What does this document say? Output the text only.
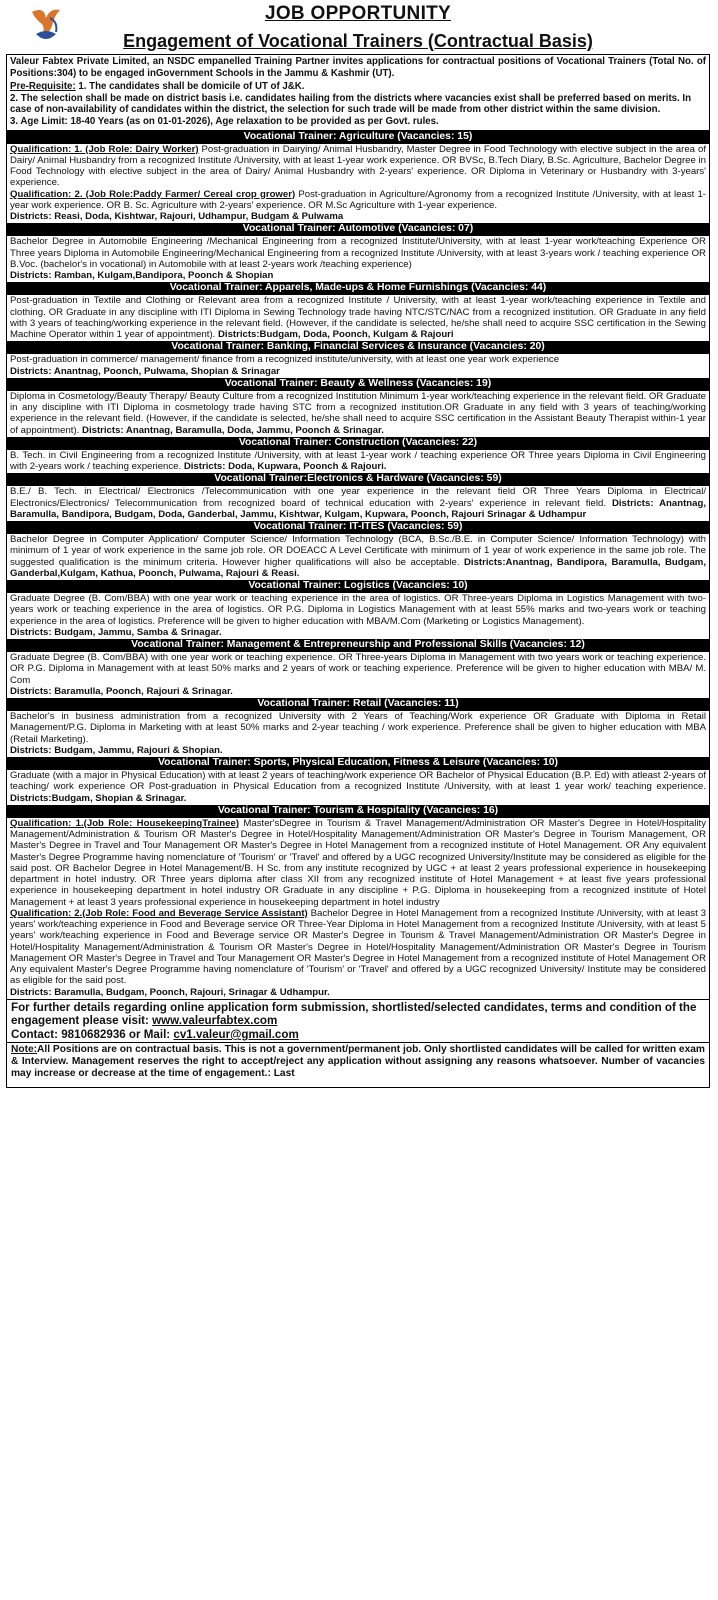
JOB OPPORTUNITY
Engagement of Vocational Trainers (Contractual Basis)
Valeur Fabtex Private Limited, an NSDC empanelled Training Partner invites applications for contractual positions of Vocational Trainers (Total No. of Positions:304) to be engaged inGovernment Schools in the Jammu & Kashmir (UT).
Pre-Requisite: 1. The candidates shall be domicile of UT of J&K.
2. The selection shall be made on district basis i.e. candidates hailing from the districts where vacancies exist shall be preferred based on merits. In case of non-availability of candidates within the district, the selection for such trade will be made from other district within the same division.
3. Age Limit: 18-40 Years (as on 01-01-2026), Age relaxation to be provided as per Govt. rules.
Vocational Trainer: Agriculture (Vacancies: 15)
Qualification: 1. (Job Role: Dairy Worker) Post-graduation in Dairying/ Animal Husbandry, Master Degree in Food Technology with elective subject in the area of Dairy/ Animal Husbandry from a recognized Institute /University, with at least 1-year work experience. OR BVSc, B.Tech Diary, B.Sc. Agriculture, Bachelor Degree in Food Technology with elective subject in the area of Dairy/ Animal Husbandry with 2-years' experience. OR Diploma in Veterinary or Husbandry with 3-years' experience.
Qualification: 2. (Job Role:Paddy Farmer/ Cereal crop grower) Post-graduation in Agriculture/Agronomy from a recognized Institute /University, with at least 1-year work experience. OR B. Sc. Agriculture with 2-years' experience. OR M.Sc Agriculture with 1-year experience.
Districts: Reasi, Doda, Kishtwar, Rajouri, Udhampur, Budgam & Pulwama
Vocational Trainer: Automotive (Vacancies: 07)
Bachelor Degree in Automobile Engineering /Mechanical Engineering from a recognized Institute/University, with at least 1-year work/teaching Experience OR Three years Diploma in Automobile Engineering/Mechanical Engineering from a recognized Institute /University, with at least 3-years work / teaching experience OR B.Voc. (bachelor's in vocational) in Automobile with at least 2-years work /teaching experience)
Districts: Ramban, Kulgam,Bandipora, Poonch & Shopian
Vocational Trainer: Apparels, Made-ups & Home Furnishings (Vacancies: 44)
Post-graduation in Textile and Clothing or Relevant area from a recognized Institute / University, with at least 1-year work/teaching experience in Textile and clothing. OR Graduate in any discipline with ITI Diploma in Sewing Technology trade having NTC/STC/NAC from a recognized institution. OR Graduate in any field with 3 years of teaching/working experience in the relevant field. (However, if the candidate is selected, he/she shall need to acquire SSC certification in the Sewing Machine Operator within 1 year of appointment). Districts:Budgam, Doda, Poonch, Kulgam & Rajouri
Vocational Trainer: Banking, Financial Services & Insurance (Vacancies: 20)
Post-graduation in commerce/ management/ finance from a recognized institute/university, with at least one year work experience
Districts: Anantnag, Poonch, Pulwama, Shopian & Srinagar
Vocational Trainer: Beauty & Wellness (Vacancies: 19)
Diploma in Cosmetology/Beauty Therapy/ Beauty Culture from a recognized Institution Minimum 1-year work/teaching experience in the relevant field. OR Graduate in any discipline with ITI Diploma in cosmetology trade having STC from a recognized institution.OR Graduate in any field with 3 years of teaching/working experience in the relevant field. (However, if the candidate is selected, he/she shall need to acquire SSC certification in the Assistant Beauty Therapist within-1 year of appointment). Districts: Anantnag, Baramulla, Doda, Jammu, Poonch & Srinagar.
Vocational Trainer: Construction (Vacancies: 22)
B. Tech. in Civil Engineering from a recognized Institute /University, with at least 1-year work / teaching experience OR Three years Diploma in Civil Engineering with 2-years work / teaching experience. Districts: Doda, Kupwara, Poonch & Rajouri.
Vocational Trainer:Electronics & Hardware (Vacancies: 59)
B.E./ B. Tech. in Electrical/ Electronics /Telecommunication with one year experience in the relevant field OR Three Years Diploma in Electrical/ Electronics/Electronics/ Telecommunication from recognized board of technical education with 2-years' experience in relevant field. Districts: Anantnag, Baramulla, Bandipora, Budgam, Doda, Ganderbal, Jammu, Kishtwar, Kulgam, Kupwara, Poonch, Rajouri Srinagar & Udhampur
Vocational Trainer: IT-ITES (Vacancies: 59)
Bachelor Degree in Computer Application/ Computer Science/ Information Technology (BCA, B.Sc./B.E. in Computer Science/ Information Technology) with minimum of 1 year of work experience in the same job role. OR DOEACC A Level Certificate with minimum of 1 year of work experience in the same job role. The suggested qualification is the minimum criteria. However higher qualifications will also be acceptable. Districts:Anantnag, Bandipora, Baramulla, Budgam, Ganderbal,Kulgam, Kathua, Poonch, Pulwama, Rajouri & Reasi.
Vocational Trainer: Logistics (Vacancies: 10)
Graduate Degree (B. Com/BBA) with one year work or teaching experience in the area of logistics. OR Three-years Diploma in Logistics Management with two-years work or teaching experience in the area of logistics. OR P.G. Diploma in Logistics Management with at least 55% marks and two-years work or teaching experience in the area of logistics. Preference will be given to higher education with MBA/M.Com (Marketing or Logistics Management).
Districts: Budgam, Jammu, Samba & Srinagar.
Vocational Trainer: Management & Entrepreneurship and Professional Skills (Vacancies: 12)
Graduate Degree (B. Com/BBA) with one year work or teaching experience. OR Three-years Diploma in Management with two years work or teaching experience. OR P.G. Diploma in Management with at least 50% marks and 2 years of work or teaching experience. Preference will be given to higher education with MBA/ M. Com
Districts: Baramulla, Poonch, Rajouri & Srinagar.
Vocational Trainer: Retail (Vacancies: 11)
Bachelor's in business administration from a recognized University with 2 Years of Teaching/Work experience OR Graduate with Diploma in Retail Management/P.G. Diploma in Marketing with at least 50% marks and 2-year teaching / work experience. Preference shall be given to higher education with MBA (Retail Marketing).
Districts: Budgam, Jammu, Rajouri & Shopian.
Vocational Trainer: Sports, Physical Education, Fitness & Leisure (Vacancies: 10)
Graduate (with a major in Physical Education) with at least 2 years of teaching/work experience OR Bachelor of Physical Education (B.P. Ed) with atleast 2-years of teaching/ work experience OR Post-graduation in Physical Education from a recognized Institute /University, with at least 1 year work/ teaching experience. Districts:Budgam, Shopian & Srinagar.
Vocational Trainer: Tourism & Hospitality (Vacancies: 16)
Qualification: 1.(Job Role: HousekeepingTrainee) Master'sDegree in Tourism & Travel Management/Administration OR Master's Degree in Hotel/Hospitality Management/Administration & Tourism OR Master's Degree in Hotel/Hospitality Management/Administration OR Master's Degree in Tourism Management, OR Master's Degree in Travel and Tour Management OR Master's Degree in Hotel Management from a recognized institute of Hotel Management. OR Any equivalent Master's Degree Programme having nomenclature of 'Tourism' or 'Travel' and offered by a UGC recognized University/Institute may be considered as eligible for the said post. OR Bachelor Degree in Hotel Management/B. H Sc. from any institute recognized by UGC + at least 2 years professional experience in housekeeping department in hotel industry. OR Three years diploma after class XII from any recognized institute of Hotel Management + at least five years professional experience in housekeeping department in hotel industry OR Graduate in any discipline + P.G. Diploma in housekeeping from a recognized institute of Hotel Management + at least 3 years professional experience in housekeeping department in hotel industry
Qualification: 2.(Job Role: Food and Beverage Service Assistant) Bachelor Degree in Hotel Management from a recognized Institute /University, with at least 3 years' work/teaching experience in Food and Beverage service OR Three-Year Diploma in Hotel Management from a recognized Institute /University, with at least 5 years' work/teaching experience in Food and Beverage service OR Master's Degree in Tourism & Travel Management/Administration OR Master's Degree in Hotel/Hospitality Management/Administration & Tourism OR Master's Degree in Hotel/Hospitality Management/Administration OR Master's Degree in Tourism Management OR Master's Degree in Travel and Tour Management OR Master's Degree in Hotel Management from a recognized institute of Hotel Management OR Any equivalent Master's Degree Programme having nomenclature of 'Tourism' or 'Travel' and offered by a UGC recognized University/ Institute may be considered as eligible for the said post.
Districts: Baramulla, Budgam, Poonch, Rajouri, Srinagar & Udhampur.
For further details regarding online application form submission, shortlisted/selected candidates, terms and condition of the engagement please visit: www.valeurfabtex.com
Contact: 9810682936 or Mail: cv1.valeur@gmail.com
Note:All Positions are on contractual basis. This is not a government/permanent job. Only shortlisted candidates will be called for written exam & Interview. Management reserves the right to accept/reject any application without assigning any reasons whatsoever. Number of vacancies may increase or decrease at the time of engagement.: Last
